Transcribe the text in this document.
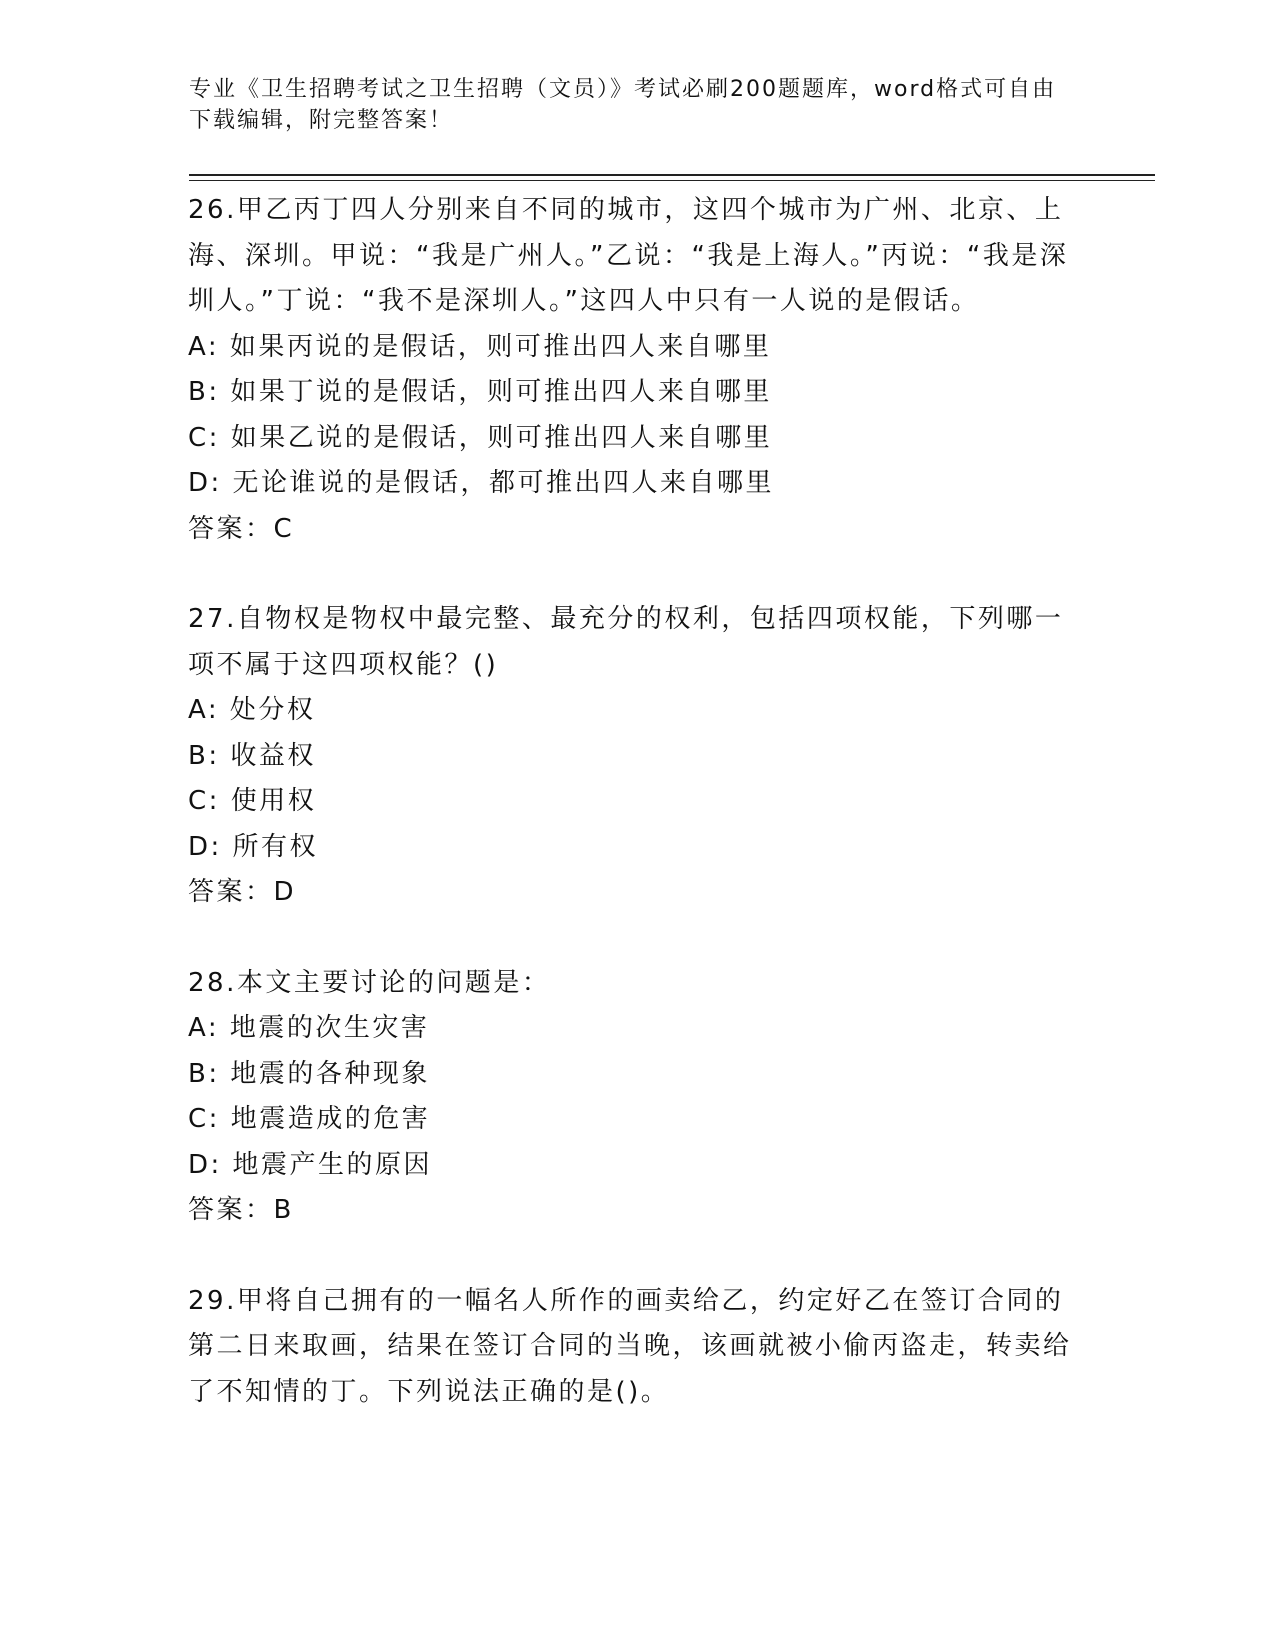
专业《卫生招聘考试之卫生招聘（文员）》考试必刷200题题库，word格式可自由下载编辑，附完整答案！

26.甲乙丙丁四人分别来自不同的城市，这四个城市为广州、北京、上海、深圳。甲说：“我是广州人。”乙说：“我是上海人。”丙说：“我是深圳人。”丁说：“我不是深圳人。”这四人中只有一人说的是假话。

A: 如果丙说的是假话，则可推出四人来自哪里

B: 如果丁说的是假话，则可推出四人来自哪里

C: 如果乙说的是假话，则可推出四人来自哪里

D: 无论谁说的是假话，都可推出四人来自哪里

答案：C

27.自物权是物权中最完整、最充分的权利，包括四项权能，下列哪一项不属于这四项权能？()

A: 处分权

B: 收益权

C: 使用权

D: 所有权

答案：D

28.本文主要讨论的问题是：

A: 地震的次生灾害

B: 地震的各种现象

C: 地震造成的危害

D: 地震产生的原因

答案：B

29.甲将自己拥有的一幅名人所作的画卖给乙，约定好乙在签订合同的第二日来取画，结果在签订合同的当晚，该画就被小偷丙盗走，转卖给了不知情的丁。下列说法正确的是()。
